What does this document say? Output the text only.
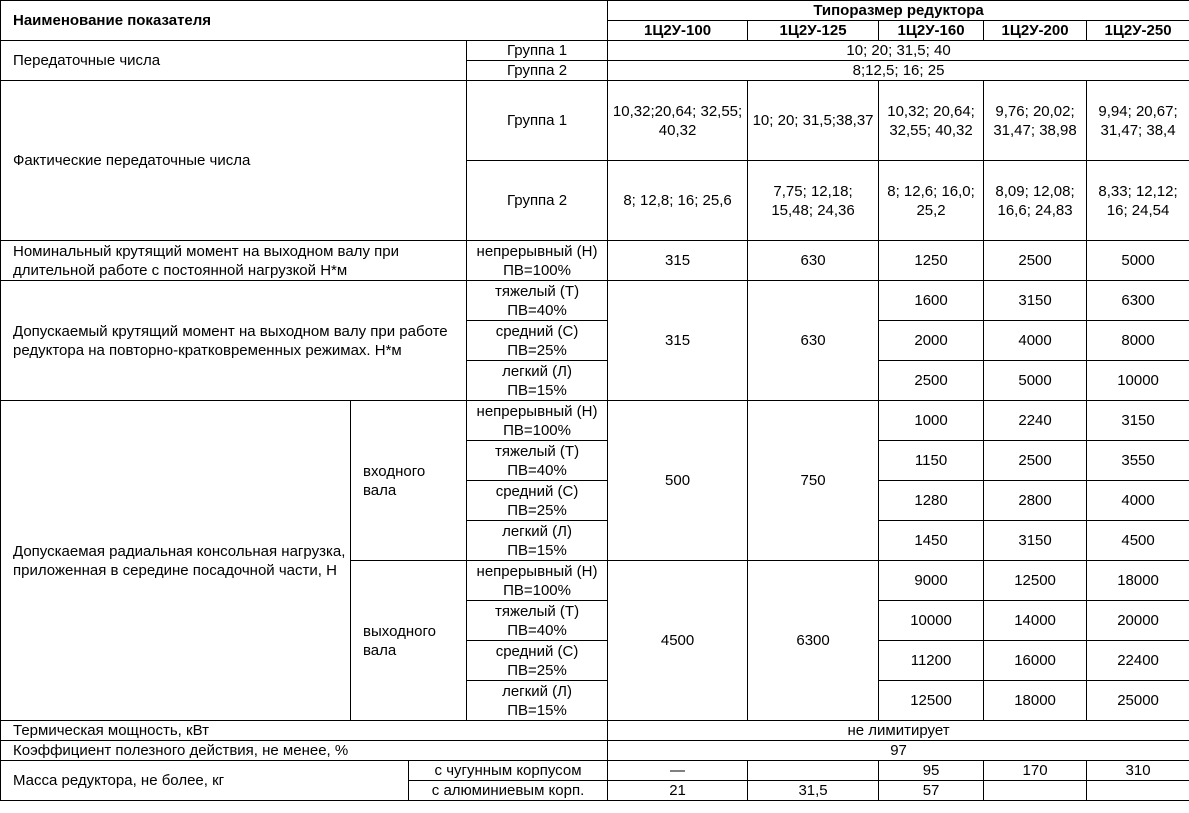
Наименование показателя				Типоразмер редуктора				
				1Ц2У-100	1Ц2У-125	1Ц2У-160	1Ц2У-200	1Ц2У-250
Передаточные числа			Группа 1	10; 20; 31,5; 40				
			Группа 2	8;12,5; 16; 25				
Фактические передаточные числа			Группа 1	10,32;20,64; 32,55; 40,32	10; 20; 31,5;38,37	10,32; 20,64; 32,55; 40,32	9,76; 20,02; 31,47; 38,98	9,94; 20,67; 31,47; 38,4
			Группа 2	8; 12,8; 16; 25,6	7,75; 12,18; 15,48; 24,36	8; 12,6; 16,0; 25,2	8,09; 12,08; 16,6; 24,83	8,33; 12,12; 16; 24,54
Номинальный крутящий момент на выходном валу при длительной работе с постоянной нагрузкой Н*м			непрерывный (Н) ПВ=100%	315	630	1250	2500	5000
Допускаемый крутящий момент на выходном валу при работе редуктора на повторно-кратковременных режимах. Н*м			тяжелый (Т) ПВ=40%	315	630	1600	3150	6300
			средний (С) ПВ=25%			2000	4000	8000
			легкий (Л) ПВ=15%			2500	5000	10000
Допускаемая радиальная консольная нагрузка, приложенная в середине посадочной части, Н	входного вала		непрерывный (Н) ПВ=100%	500	750	1000	2240	3150
			тяжелый (Т) ПВ=40%			1150	2500	3550
			средний (С) ПВ=25%			1280	2800	4000
			легкий (Л) ПВ=15%			1450	3150	4500
	выходного вала		непрерывный (Н) ПВ=100%	4500	6300	9000	12500	18000
			тяжелый (Т) ПВ=40%			10000	14000	20000
			средний (С) ПВ=25%			11200	16000	22400
			легкий (Л) ПВ=15%			12500	18000	25000
Термическая мощность, кВт				не лимитирует				
Коэффициент полезного действия, не менее, %				97				
Масса редуктора, не более, кг		с чугунным корпусом		—		95	170	310
		с алюминиевым корп.		21	31,5	57		
